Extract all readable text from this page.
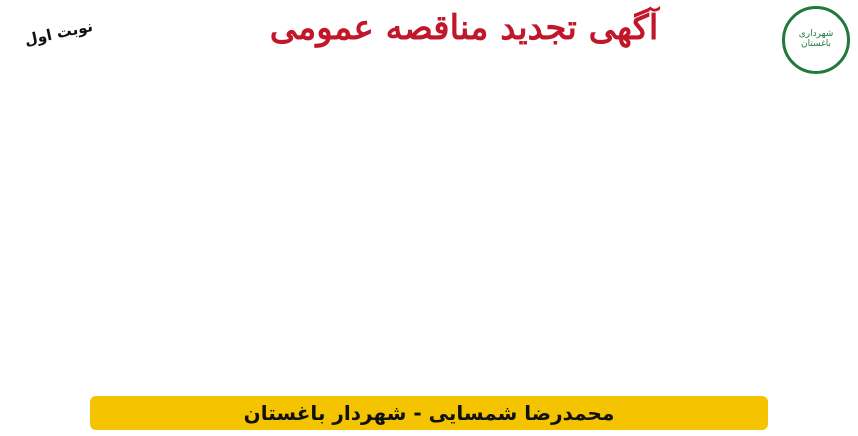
شهرداری باغستان
آگهی تجدید مناقصه عمومی
نوبت اول

محمدرضا شمسایی - شهردار باغستان
